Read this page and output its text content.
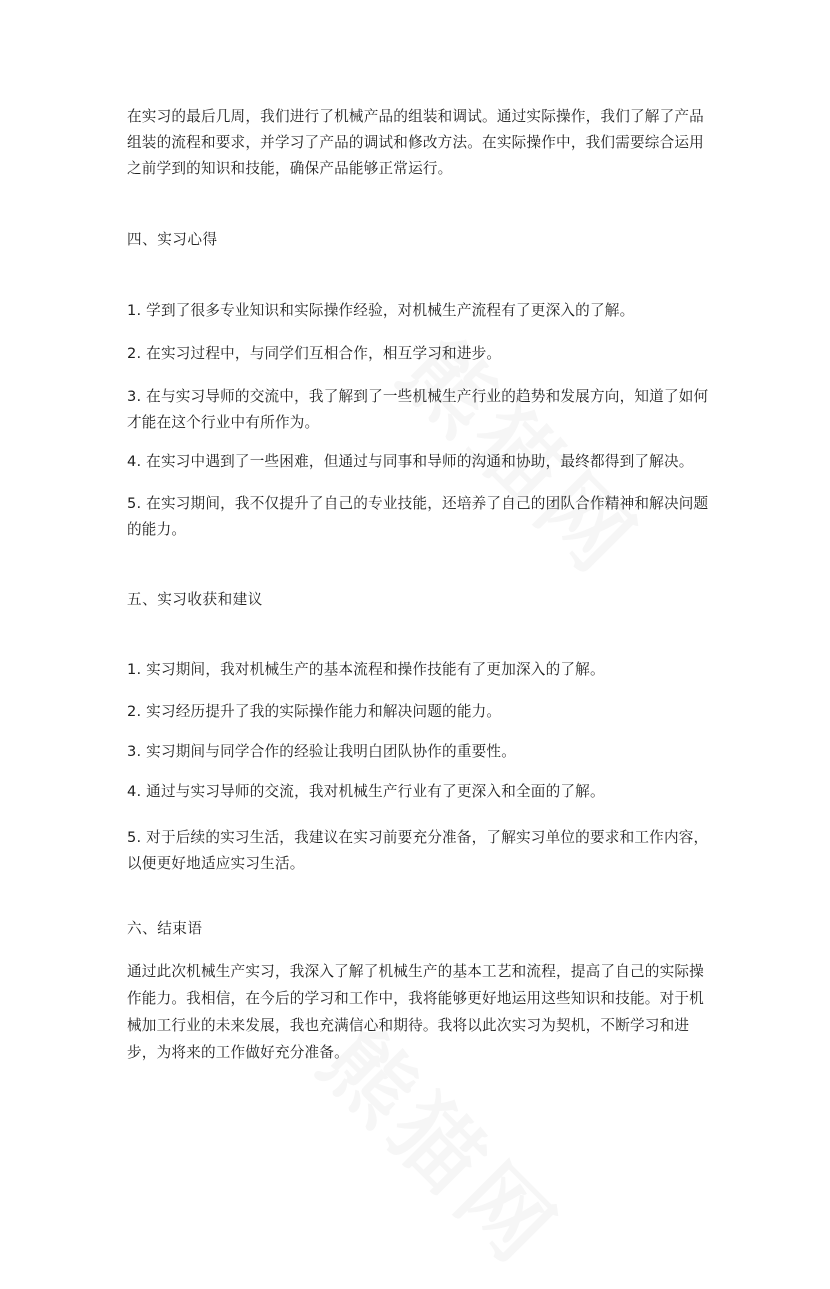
在实习的最后几周，我们进行了机械产品的组装和调试。通过实际操作，我们了解了产品组装的流程和要求，并学习了产品的调试和修改方法。在实际操作中，我们需要综合运用之前学到的知识和技能，确保产品能够正常运行。

四、实习心得

1. 学到了很多专业知识和实际操作经验，对机械生产流程有了更深入的了解。

2. 在实习过程中，与同学们互相合作，相互学习和进步。

3. 在与实习导师的交流中，我了解到了一些机械生产行业的趋势和发展方向，知道了如何才能在这个行业中有所作为。

4. 在实习中遇到了一些困难，但通过与同事和导师的沟通和协助，最终都得到了解决。

5. 在实习期间，我不仅提升了自己的专业技能，还培养了自己的团队合作精神和解决问题的能力。

五、实习收获和建议

1. 实习期间，我对机械生产的基本流程和操作技能有了更加深入的了解。

2. 实习经历提升了我的实际操作能力和解决问题的能力。

3. 实习期间与同学合作的经验让我明白团队协作的重要性。

4. 通过与实习导师的交流，我对机械生产行业有了更深入和全面的了解。

5. 对于后续的实习生活，我建议在实习前要充分准备，了解实习单位的要求和工作内容，以便更好地适应实习生活。

六、结束语

通过此次机械生产实习，我深入了解了机械生产的基本工艺和流程，提高了自己的实际操作能力。我相信，在今后的学习和工作中，我将能够更好地运用这些知识和技能。对于机械加工行业的未来发展，我也充满信心和期待。我将以此次实习为契机，不断学习和进步，为将来的工作做好充分准备。
